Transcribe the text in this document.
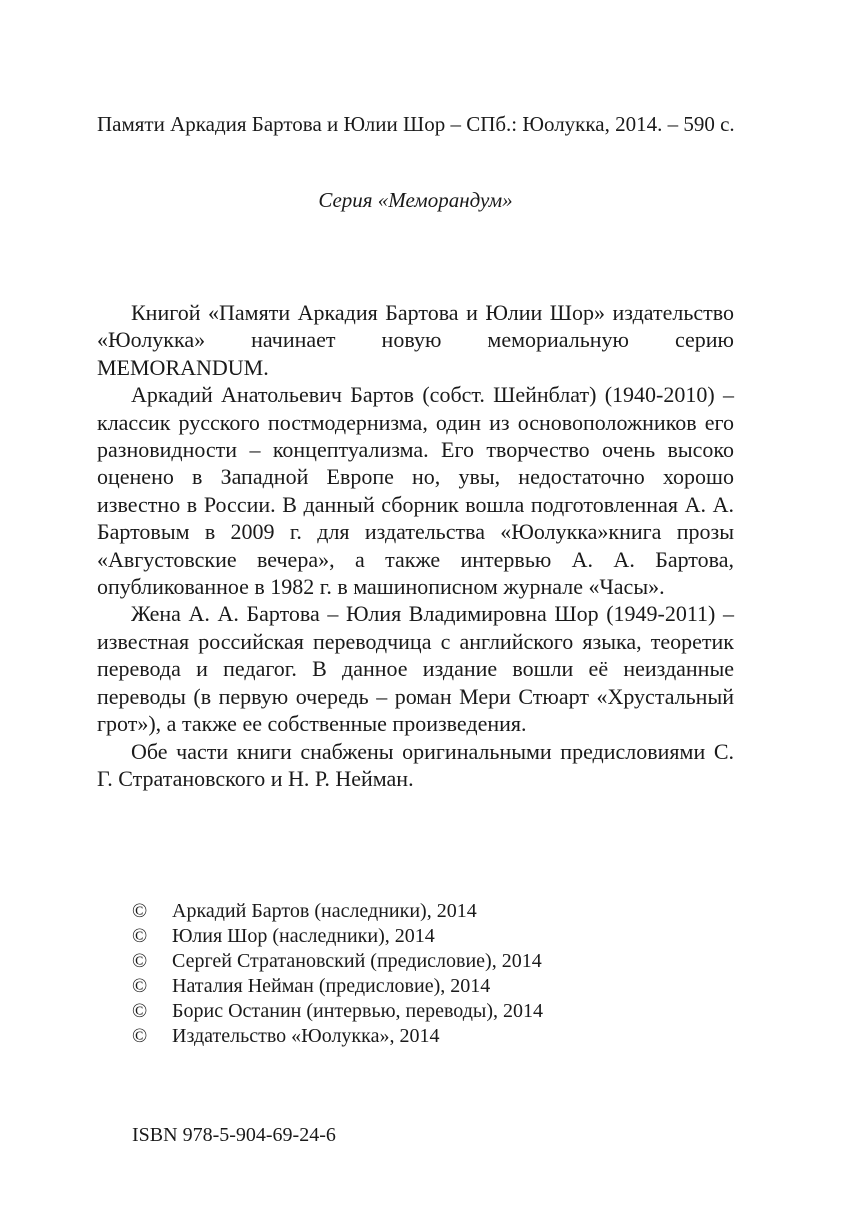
Памяти Аркадия Бартова и Юлии Шор – СПб.: Юолукка, 2014. – 590 с.
Серия «Меморандум»

Книгой «Памяти Аркадия Бартова и Юлии Шор» издательство «Юолукка» начинает новую мемориальную серию MEMORANDUM.

Аркадий Анатольевич Бартов (собст. Шейнблат) (1940-2010) – классик русского постмодернизма, один из основоположников его разновидности – концептуализма. Его творчество очень высоко оценено в Западной Европе но, увы, недостаточно хорошо известно в России. В данный сборник вошла подготовленная А. А. Бартовым в 2009 г. для издательства «Юолукка»книга прозы «Августовские вечера», а также интервью А. А. Бартова, опубликованное в 1982 г. в машинописном журнале «Часы».

Жена А. А. Бартова – Юлия Владимировна Шор (1949-2011) – известная российская переводчица с английского языка, теоретик перевода и педагог. В данное издание вошли её неизданные переводы (в первую очередь – роман Мери Стюарт «Хрустальный грот»), а также ее собственные произведения.

Обе части книги снабжены оригинальными предисловиями С. Г. Стратановского и Н. Р. Нейман.

©	Аркадий Бартов (наследники), 2014
©	Юлия Шор (наследники), 2014
©	Сергей Стратановский (предисловие), 2014
©	Наталия Нейман (предисловие), 2014
©	Борис Останин (интервью, переводы), 2014
©	Издательство «Юолукка», 2014
ISBN 978-5-904-69-24-6
